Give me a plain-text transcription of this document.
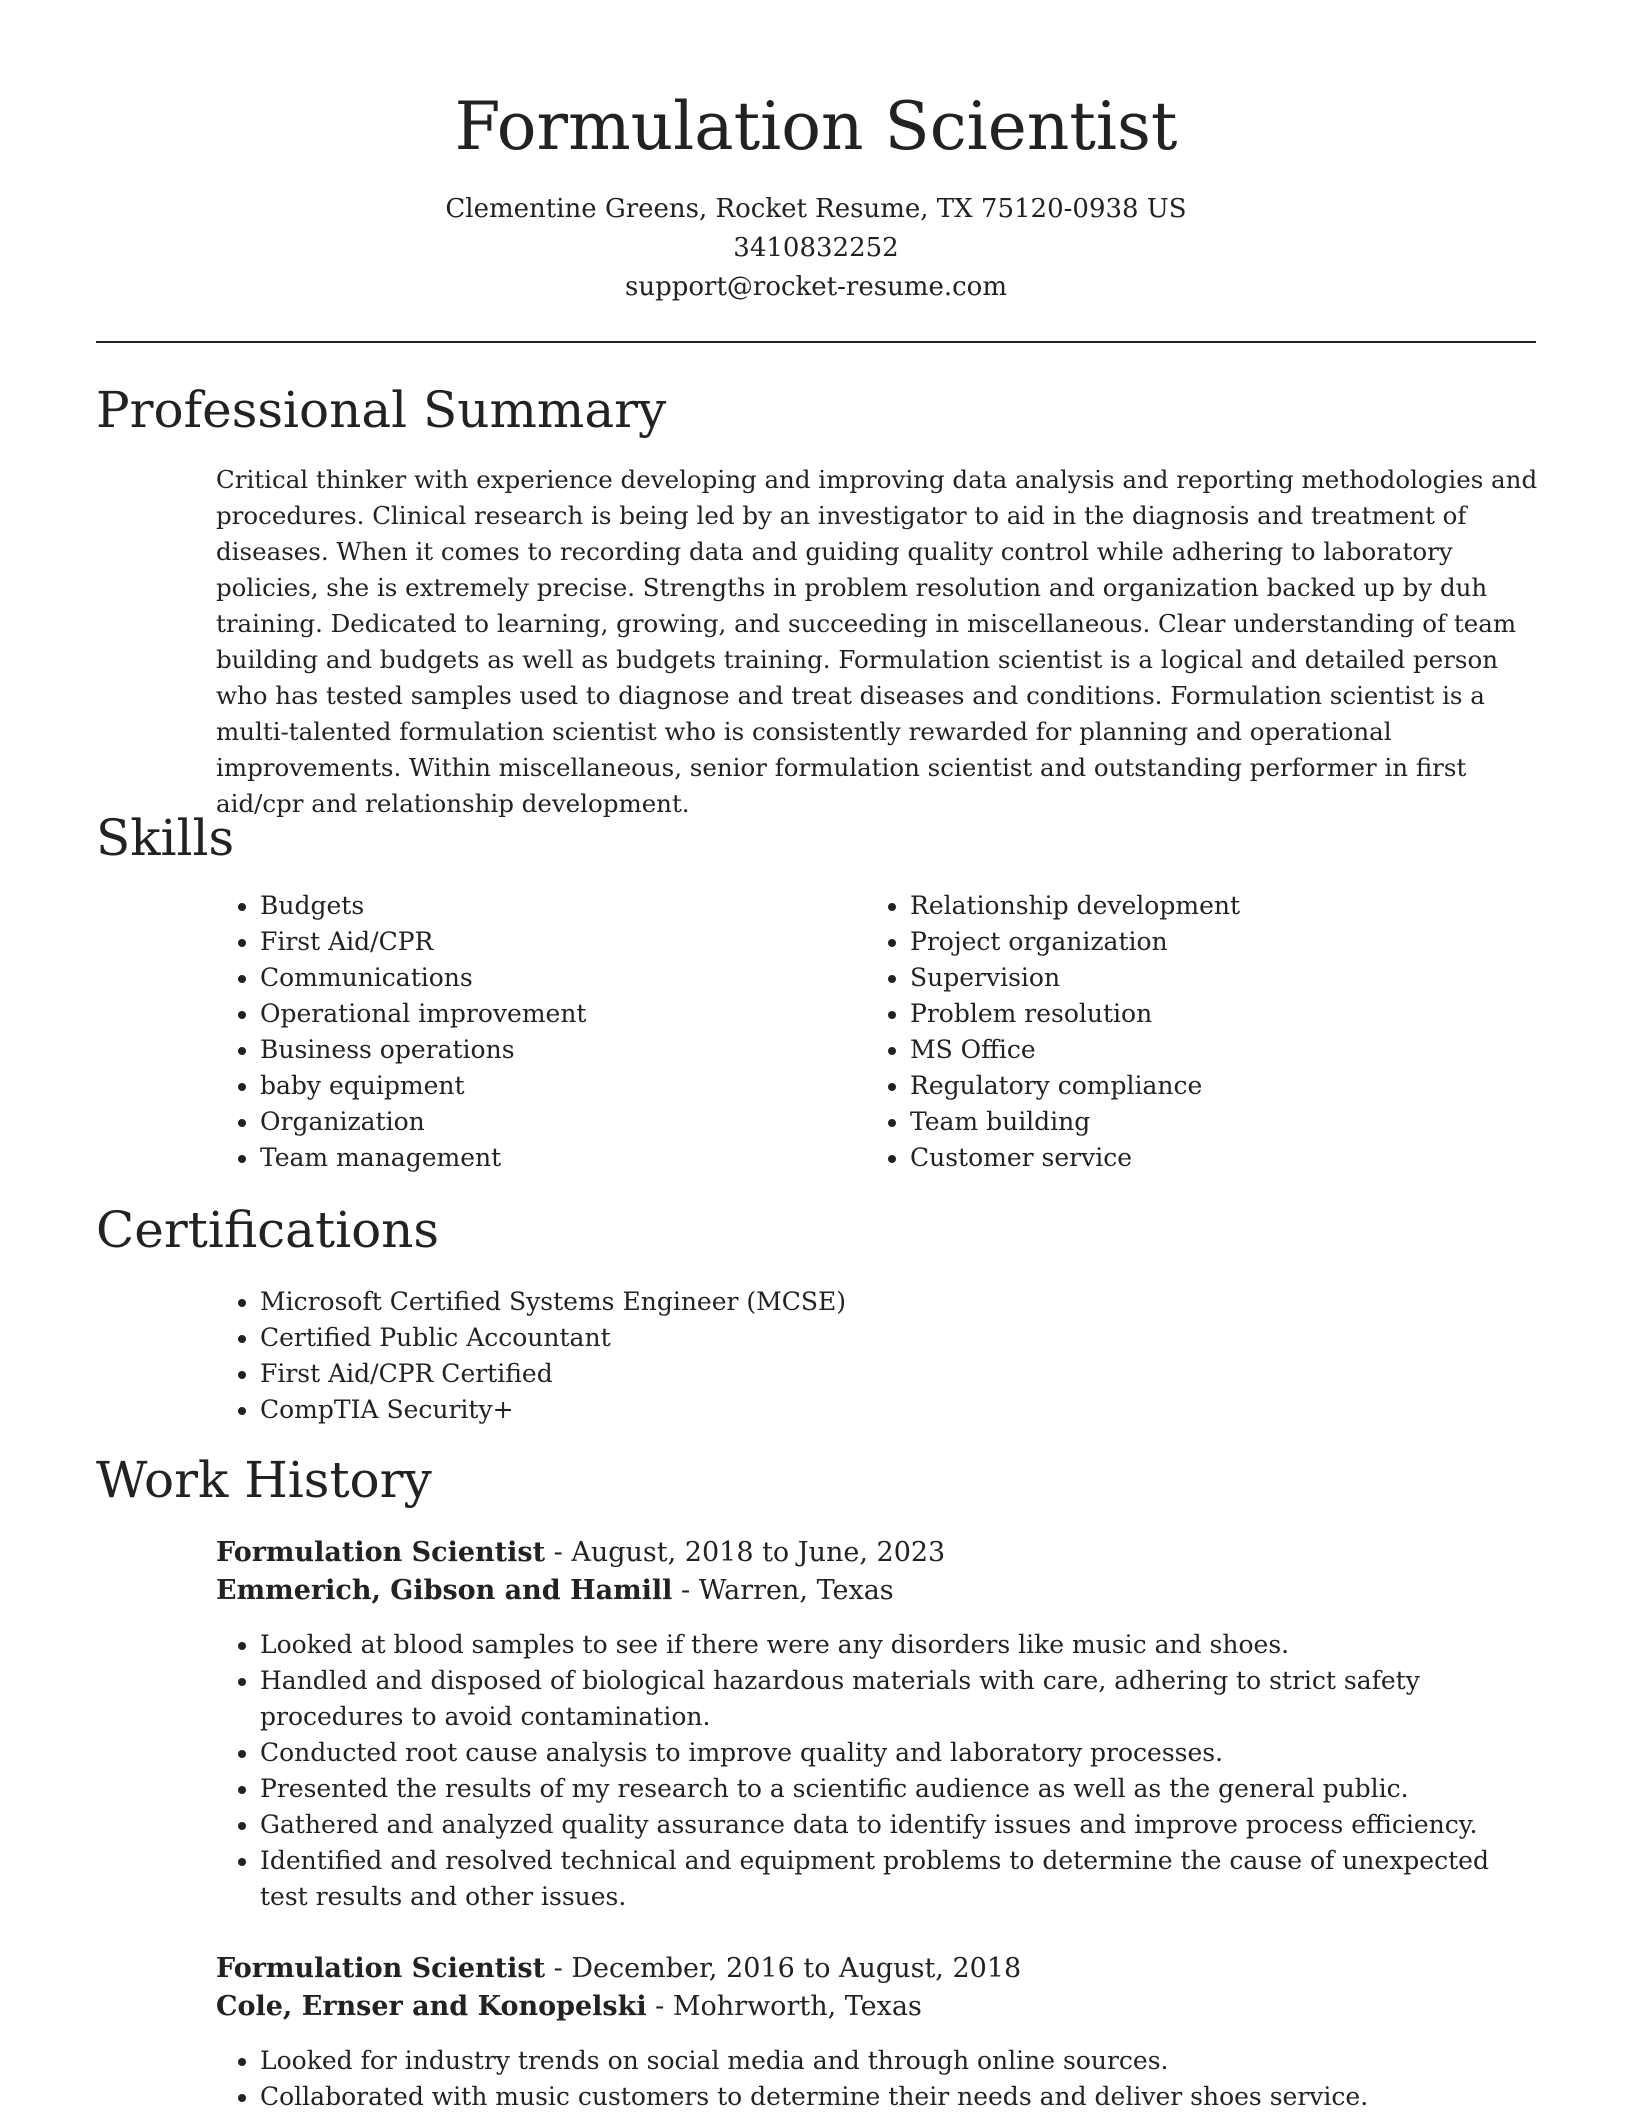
Formulation Scientist
Clementine Greens, Rocket Resume, TX 75120-0938 US
3410832252
support@rocket-resume.com
Professional Summary

Critical thinker with experience developing and improving data analysis and reporting methodologies and procedures. Clinical research is being led by an investigator to aid in the diagnosis and treatment of diseases. When it comes to recording data and guiding quality control while adhering to laboratory policies, she is extremely precise. Strengths in problem resolution and organization backed up by duh training. Dedicated to learning, growing, and succeeding in miscellaneous. Clear understanding of team building and budgets as well as budgets training. Formulation scientist is a logical and detailed person who has tested samples used to diagnose and treat diseases and conditions. Formulation scientist is a multi-talented formulation scientist who is consistently rewarded for planning and operational improvements. Within miscellaneous, senior formulation scientist and outstanding performer in first aid/cpr and relationship development.

Skills
• Budgets
• First Aid/CPR
• Communications
• Operational improvement
• Business operations
• baby equipment
• Organization
• Team management
• Relationship development
• Project organization
• Supervision
• Problem resolution
• MS Office
• Regulatory compliance
• Team building
• Customer service
Certifications
• Microsoft Certified Systems Engineer (MCSE)
• Certified Public Accountant
• First Aid/CPR Certified
• CompTIA Security+
Work History
Formulation Scientist - August, 2018 to June, 2023
Emmerich, Gibson and Hamill - Warren, Texas
• Looked at blood samples to see if there were any disorders like music and shoes.
• Handled and disposed of biological hazardous materials with care, adhering to strict safety procedures to avoid contamination.
• Conducted root cause analysis to improve quality and laboratory processes.
• Presented the results of my research to a scientific audience as well as the general public.
• Gathered and analyzed quality assurance data to identify issues and improve process efficiency.
• Identified and resolved technical and equipment problems to determine the cause of unexpected test results and other issues.
Formulation Scientist - December, 2016 to August, 2018
Cole, Ernser and Konopelski - Mohrworth, Texas
• Looked for industry trends on social media and through online sources.
• Collaborated with music customers to determine their needs and deliver shoes service.
